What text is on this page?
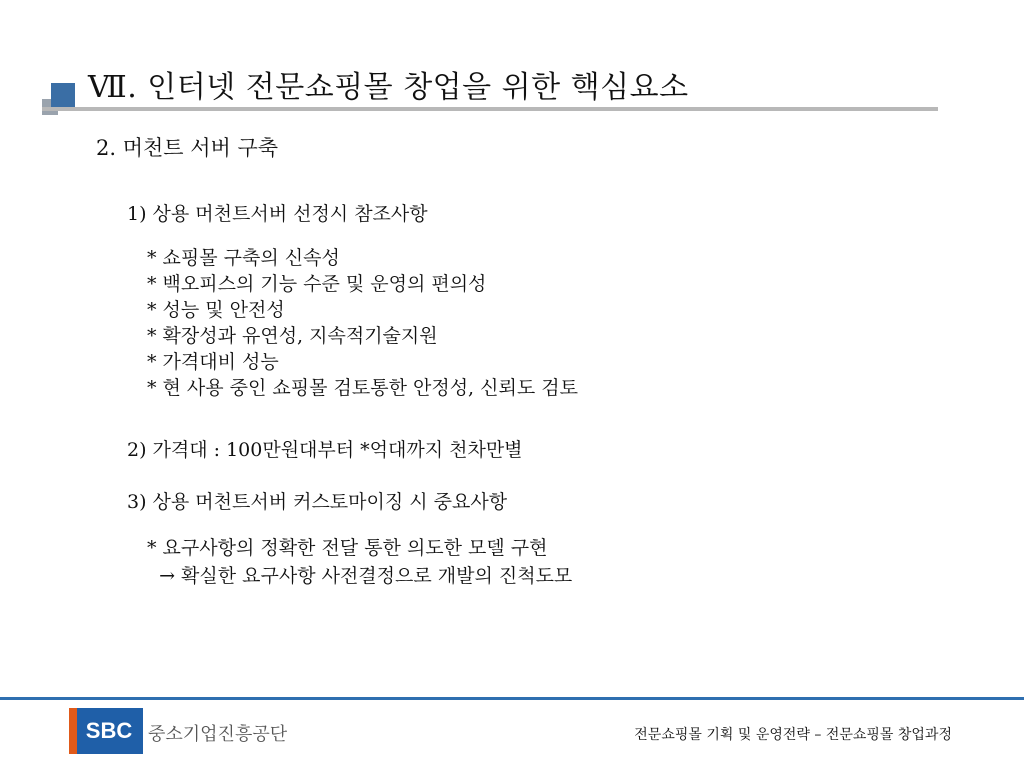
Ⅶ. 인터넷 전문쇼핑몰 창업을 위한 핵심요소
2. 머천트 서버 구축
1) 상용 머천트서버 선정시 참조사항
* 쇼핑몰 구축의 신속성
* 백오피스의 기능 수준 및 운영의 편의성
* 성능 및 안전성
* 확장성과 유연성, 지속적기술지원
* 가격대비 성능
* 현 사용 중인 쇼핑몰 검토통한 안정성, 신뢰도 검토
2) 가격대 : 100만원대부터 *억대까지 천차만별
3) 상용 머천트서버 커스토마이징 시 중요사항
* 요구사항의 정확한 전달 통한 의도한 모델 구현
→ 확실한 요구사항 사전결정으로 개발의 진척도모
SBC 중소기업진흥공단	전문쇼핑몰 기획 및 운영전략 – 전문쇼핑몰 창업과정
